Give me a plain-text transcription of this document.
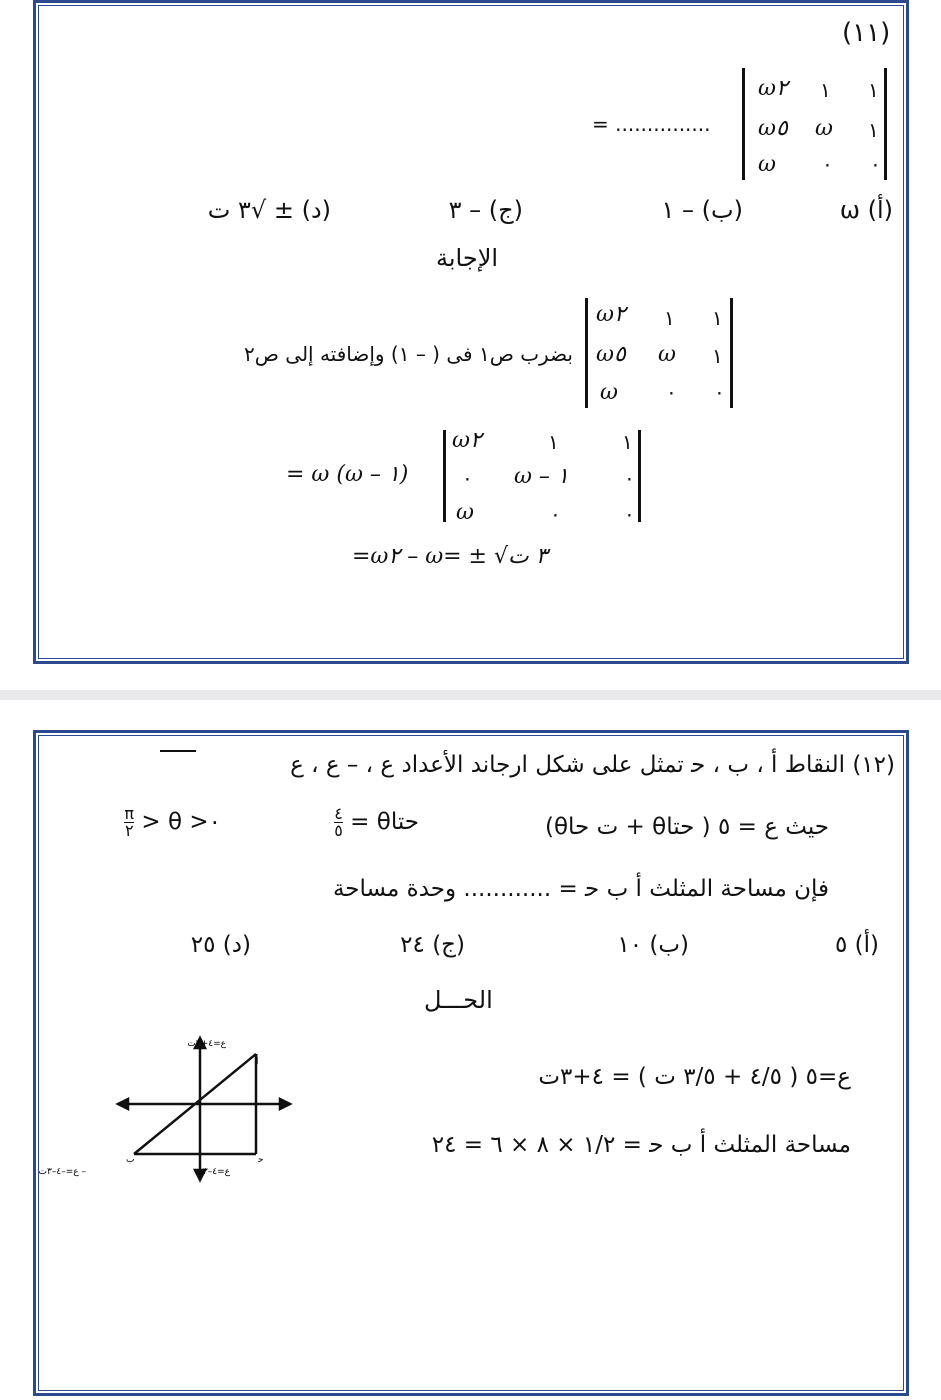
(١١)
١
١
ω٢
١
ω
ω٥
٠
٠
ω
= ...............
(أ) ω
(ب) – ١
(ج) – ٣
(د) ± √٣ ت
الإجابة
١
١
ω٢
١
ω
ω٥
٠
٠
ω
بضرب ص١ فى ( – ١) وإضافته إلى ص٢
١
١
ω٢
٠
ω – ١
٠
٠
٠
ω
= ω (ω – ١)
=ω٢ – ω= ± √٣ ت
(١٢) النقاط ﺃ ، ب ، ﺣ تمثل على شكل ارجاند الأعداد ع ، – ع ، ع
حيث ع = ٥ ( حتاθ + ت حاθ)
حتاθ =
$\frac{٤}{٥}$
٠< θ <
$\frac{\pi}{٢}$
فإن مساحة المثلث ﺃ ب ﺣ = ............ وحدة مساحة
(أ) ٥
(ب) ١٠
(ج) ٢٤
(د) ٢٥
الحـــل
ع=٥ ( ٤/٥ + ٣/٥ ت ) = ٤+٣ت
مساحة المثلث ﺃ ب ﺣ = ١/٢ × ٨ × ٦ = ٢٤
ع=٤+٣ت
ﺃ
ب	ﺣ
– ع=–٤–٣ت	ع=٤–٣ت
